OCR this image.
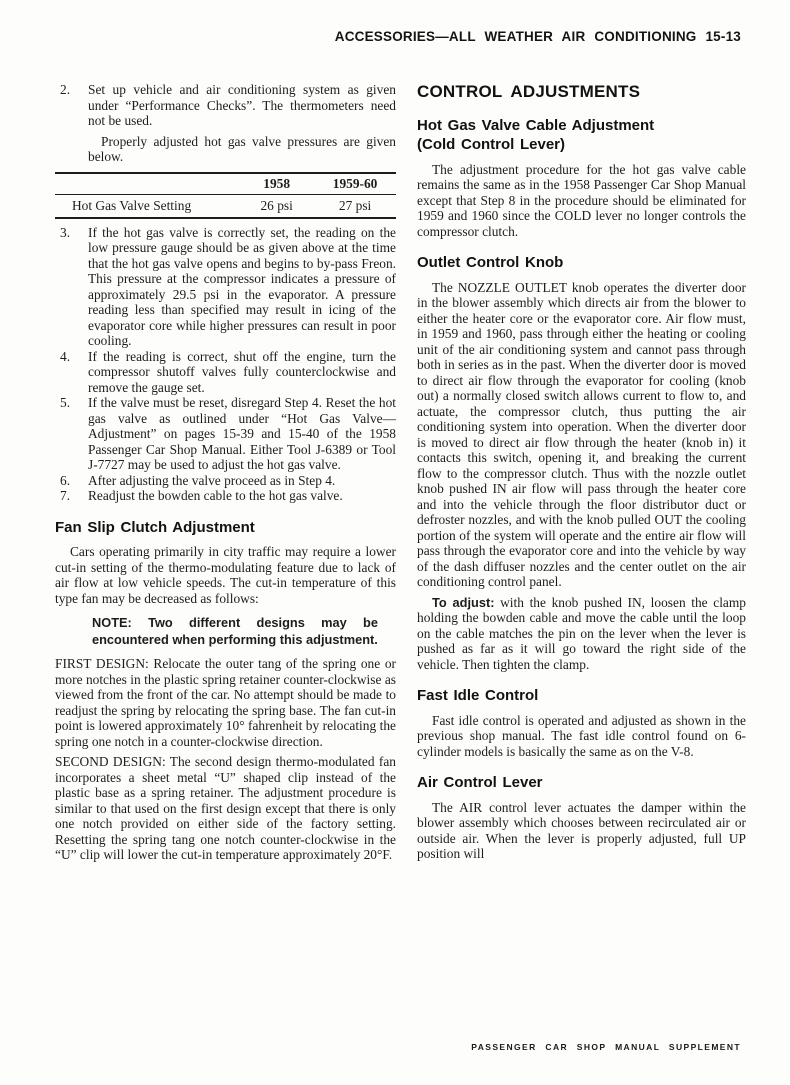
ACCESSORIES—ALL WEATHER AIR CONDITIONING 15-13
2.	Set up vehicle and air conditioning system as given under “Performance Checks”. The thermometers need not be used.

Properly adjusted hot gas valve pressures are given below.

	1958	1959-60
Hot Gas Valve Setting	26 psi	27 psi
3.	If the hot gas valve is correctly set, the reading on the low pressure gauge should be as given above at the time that the hot gas valve opens and begins to by-pass Freon. This pressure at the compressor indicates a pressure of approximately 29.5 psi in the evaporator. A pressure reading less than specified may result in icing of the evaporator core while higher pressures can result in poor cooling.
4.	If the reading is correct, shut off the engine, turn the compressor shutoff valves fully counterclockwise and remove the gauge set.
5.	If the valve must be reset, disregard Step 4. Reset the hot gas valve as outlined under “Hot Gas Valve—Adjustment” on pages 15-39 and 15-40 of the 1958 Passenger Car Shop Manual. Either Tool J-6389 or Tool J-7727 may be used to adjust the hot gas valve.
6.	After adjusting the valve proceed as in Step 4.
7.	Readjust the bowden cable to the hot gas valve.
Fan Slip Clutch Adjustment

Cars operating primarily in city traffic may require a lower cut-in setting of the thermo-modulating feature due to lack of air flow at low vehicle speeds. The cut-in temperature of this type fan may be decreased as follows:

NOTE: Two different designs may be encountered when performing this adjustment.

FIRST DESIGN: Relocate the outer tang of the spring one or more notches in the plastic spring retainer counter-clockwise as viewed from the front of the car. No attempt should be made to readjust the spring by relocating the spring base. The fan cut-in point is lowered approximately 10° fahrenheit by relocating the spring one notch in a counter-clockwise direction.

SECOND DESIGN: The second design thermo-modulated fan incorporates a sheet metal “U” shaped clip instead of the plastic base as a spring retainer. The adjustment procedure is similar to that used on the first design except that there is only one notch provided on either side of the factory setting. Resetting the spring tang one notch counter-clockwise in the “U” clip will lower the cut-in temperature approximately 20°F.

CONTROL ADJUSTMENTS
Hot Gas Valve Cable Adjustment
(Cold Control Lever)

The adjustment procedure for the hot gas valve cable remains the same as in the 1958 Passenger Car Shop Manual except that Step 8 in the procedure should be eliminated for 1959 and 1960 since the COLD lever no longer controls the compressor clutch.

Outlet Control Knob

The NOZZLE OUTLET knob operates the diverter door in the blower assembly which directs air from the blower to either the heater core or the evaporator core. Air flow must, in 1959 and 1960, pass through either the heating or cooling unit of the air conditioning system and cannot pass through both in series as in the past. When the diverter door is moved to direct air flow through the evaporator for cooling (knob out) a normally closed switch allows current to flow to, and actuate, the compressor clutch, thus putting the air conditioning system into operation. When the diverter door is moved to direct air flow through the heater (knob in) it contacts this switch, opening it, and breaking the current flow to the compressor clutch. Thus with the nozzle outlet knob pushed IN air flow will pass through the heater core and into the vehicle through the floor distributor duct or defroster nozzles, and with the knob pulled OUT the cooling portion of the system will operate and the entire air flow will pass through the evaporator core and into the vehicle by way of the dash diffuser nozzles and the center outlet on the air conditioning control panel.

To adjust: with the knob pushed IN, loosen the clamp holding the bowden cable and move the cable until the loop on the cable matches the pin on the lever when the lever is pushed as far as it will go toward the right side of the vehicle. Then tighten the clamp.

Fast Idle Control

Fast idle control is operated and adjusted as shown in the previous shop manual. The fast idle control found on 6-cylinder models is basically the same as on the V-8.

Air Control Lever

The AIR control lever actuates the damper within the blower assembly which chooses between recirculated air or outside air. When the lever is properly adjusted, full UP position will

PASSENGER CAR SHOP MANUAL SUPPLEMENT
